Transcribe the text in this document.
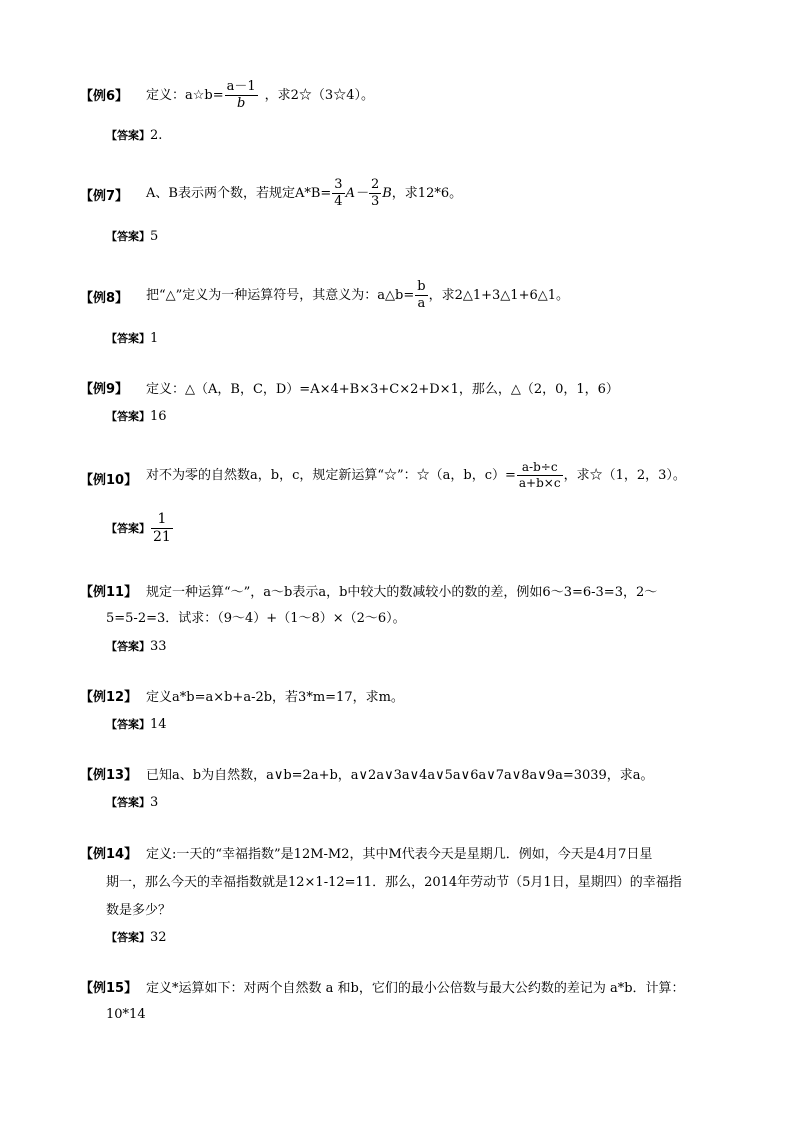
【例6】 定义：a☆b= $\frac{a-1}{b}$ ，求2☆（3☆4）。
【答案】2.
【例7】 A、B表示两个数，若规定$A*B= \frac{3}{4} A- \frac{2}{3}$ B ，求12*6。
【答案】5
【例8】 把“△”定义为一种运算符号，其意义为：a△b= $\frac{b}{a}$ ，求2△1+3△1+6△1。
【答案】1
【例9】 定义：△（A，B，C，D）=A×4+B×3+C×2+D×1，那么，△（2，0，1，6）
【答案】16
【例10】 对不为零的自然数a，b，c，规定新运算“☆”：☆（a，b，$c)= \frac{a-b\div c}{a+b\times c}$ ，求☆（1，2，3）。
【答案】 $\frac{1}{21}$
【例11】 规定一种运算“～”，a～b表示a，b中较大的数减较小的数的差，例如6～3=6-3=3，2～
5=5-2=3．试求：（9～4）+（1～8）×（2～6）。
【答案】33
【例12】 定义a*b=a×b+a-2b，若3*m=17，求m。
【答案】14
【例13】 已知a、b为自然数，a∨b=2a+b，a∨2a∨3a∨4a∨5a∨6a∨7a∨8a∨9a=3039，求a。
【答案】3
【例14】 定义:一天的“幸福指数”是12M-M2，其中M代表今天是星期几．例如，今天是4月7日星
期一，那么今天的幸福指数就是12×1-12=11．那么，2014年劳动节（5月1日，星期四）的幸福指
数是多少？
【答案】32
【例15】 定义*运算如下：对两个自然数 a 和b，它们的最小公倍数与最大公约数的差记为 a*b．计算：
10*14
